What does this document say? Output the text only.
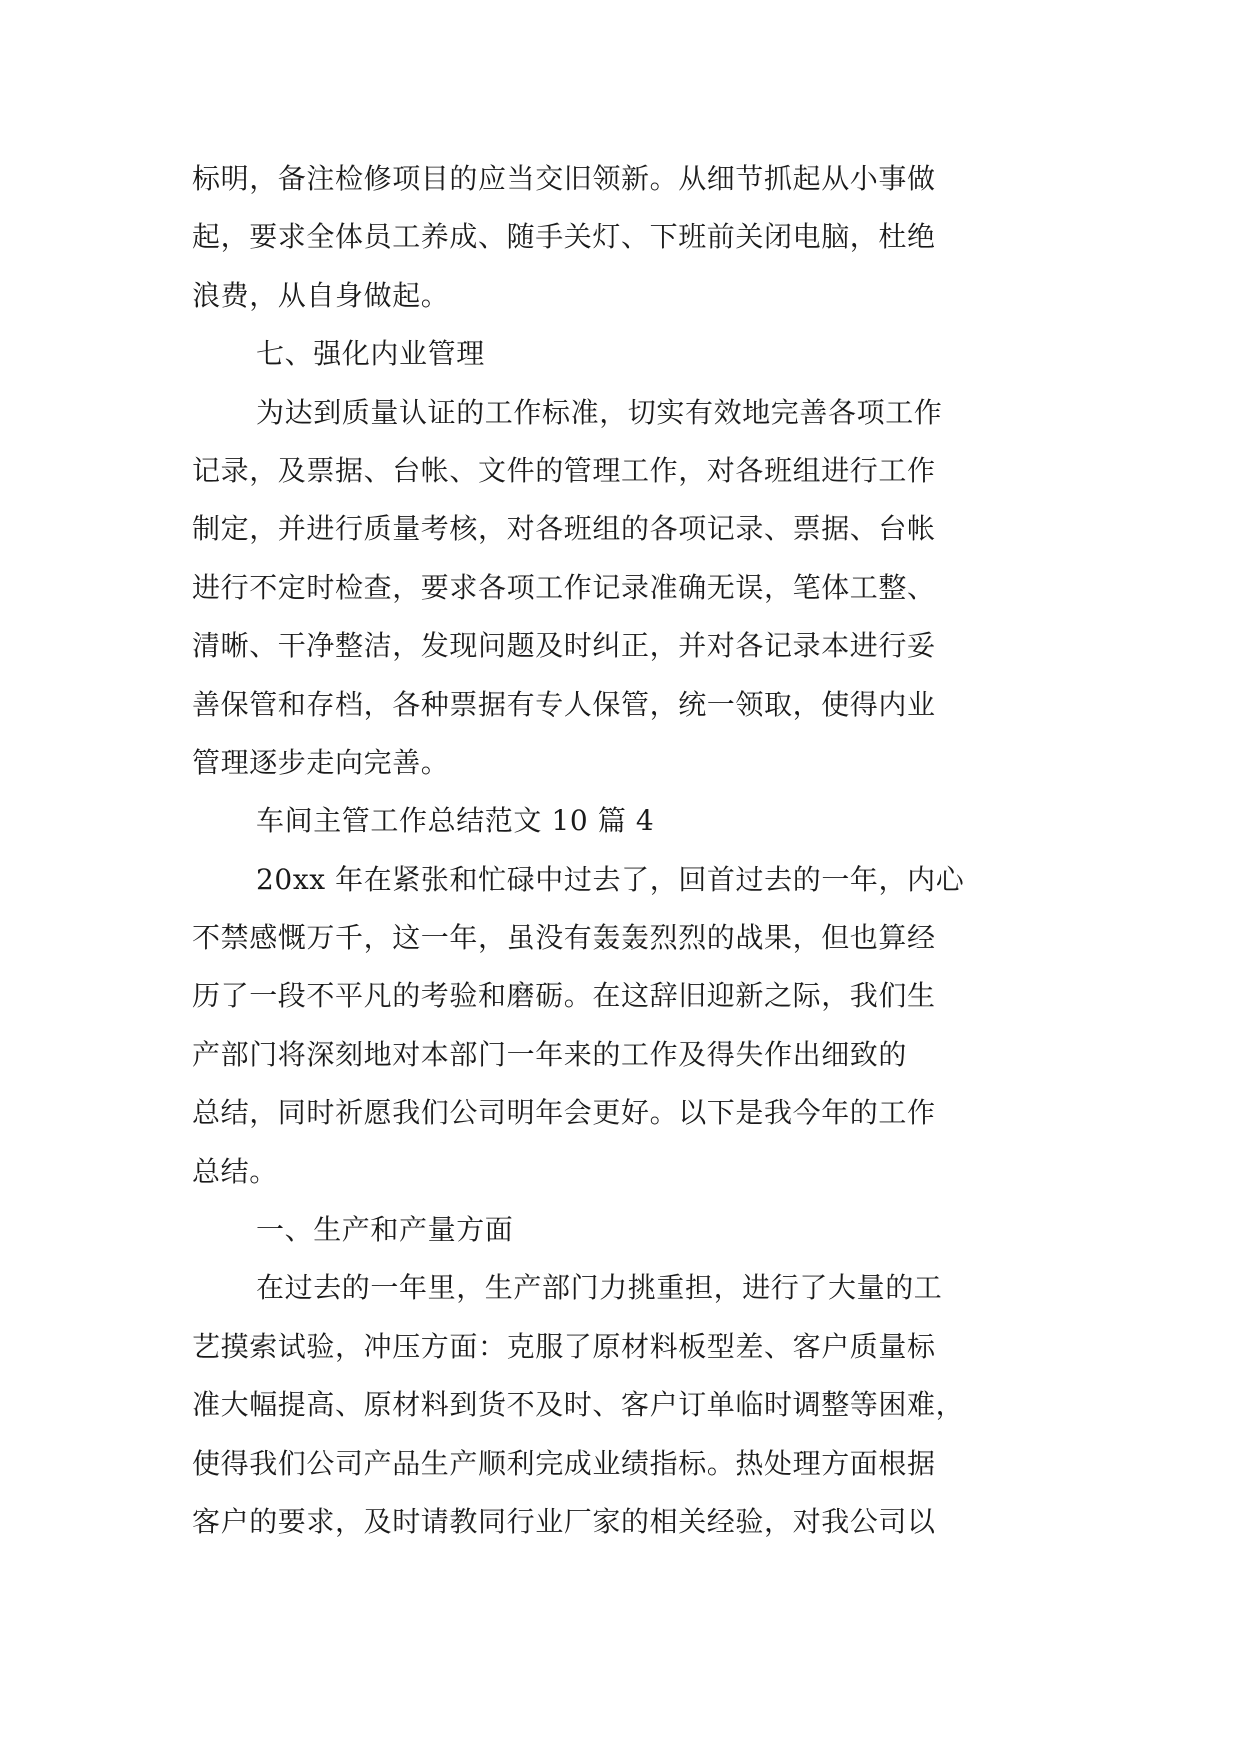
标明，备注检修项目的应当交旧领新。从细节抓起从小事做
起，要求全体员工养成、随手关灯、下班前关闭电脑，杜绝
浪费，从自身做起。
七、强化内业管理
为达到质量认证的工作标准，切实有效地完善各项工作
记录，及票据、台帐、文件的管理工作，对各班组进行工作
制定，并进行质量考核，对各班组的各项记录、票据、台帐
进行不定时检查，要求各项工作记录准确无误，笔体工整、
清晰、干净整洁，发现问题及时纠正，并对各记录本进行妥
善保管和存档，各种票据有专人保管，统一领取，使得内业
管理逐步走向完善。
车间主管工作总结范文 10 篇 4
20xx 年在紧张和忙碌中过去了，回首过去的一年，内心
不禁感慨万千，这一年，虽没有轰轰烈烈的战果，但也算经
历了一段不平凡的考验和磨砺。在这辞旧迎新之际，我们生
产部门将深刻地对本部门一年来的工作及得失作出细致的
总结，同时祈愿我们公司明年会更好。以下是我今年的工作
总结。
一、生产和产量方面
在过去的一年里，生产部门力挑重担，进行了大量的工
艺摸索试验，冲压方面：克服了原材料板型差、客户质量标
准大幅提高、原材料到货不及时、客户订单临时调整等困难，
使得我们公司产品生产顺利完成业绩指标。热处理方面根据
客户的要求，及时请教同行业厂家的相关经验，对我公司以
